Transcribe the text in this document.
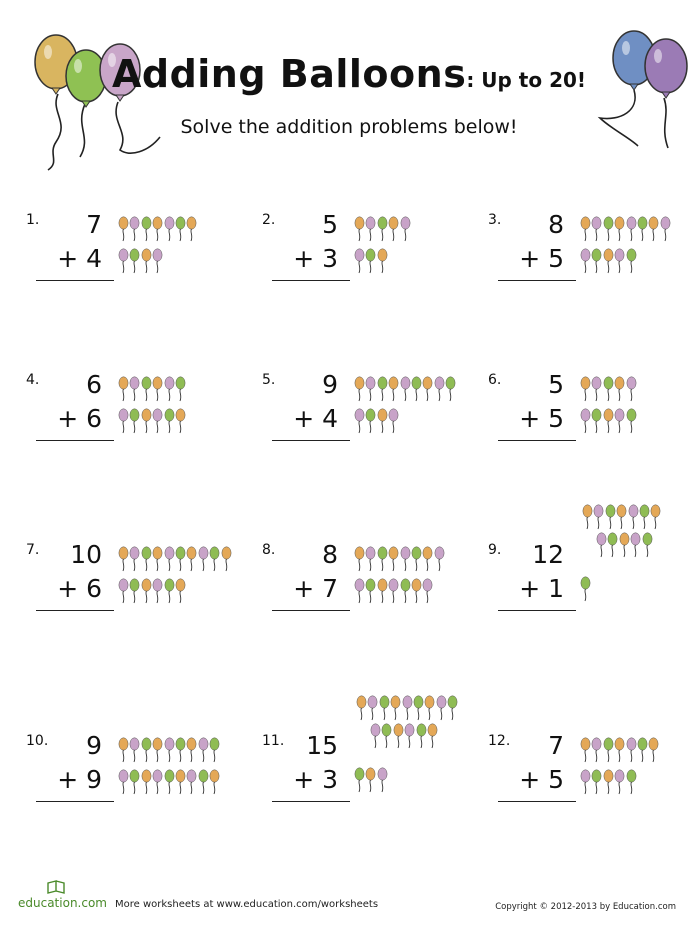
Adding Balloons: Up to 20!
Solve the addition problems below!
1.	7
+ 4
2.	5
+ 3
3.	8
+ 5
4.	6
+ 6
5.	9
+ 4
6.	5
+ 5
7.	10
+ 6
8.	8
+ 7
9.	12
+ 1
10.	9
+ 9
11. 15
+ 3
12.	7
+ 5
education.com More worksheets at www.education.com/worksheets	Copyright © 2012-2013 by Education.com
